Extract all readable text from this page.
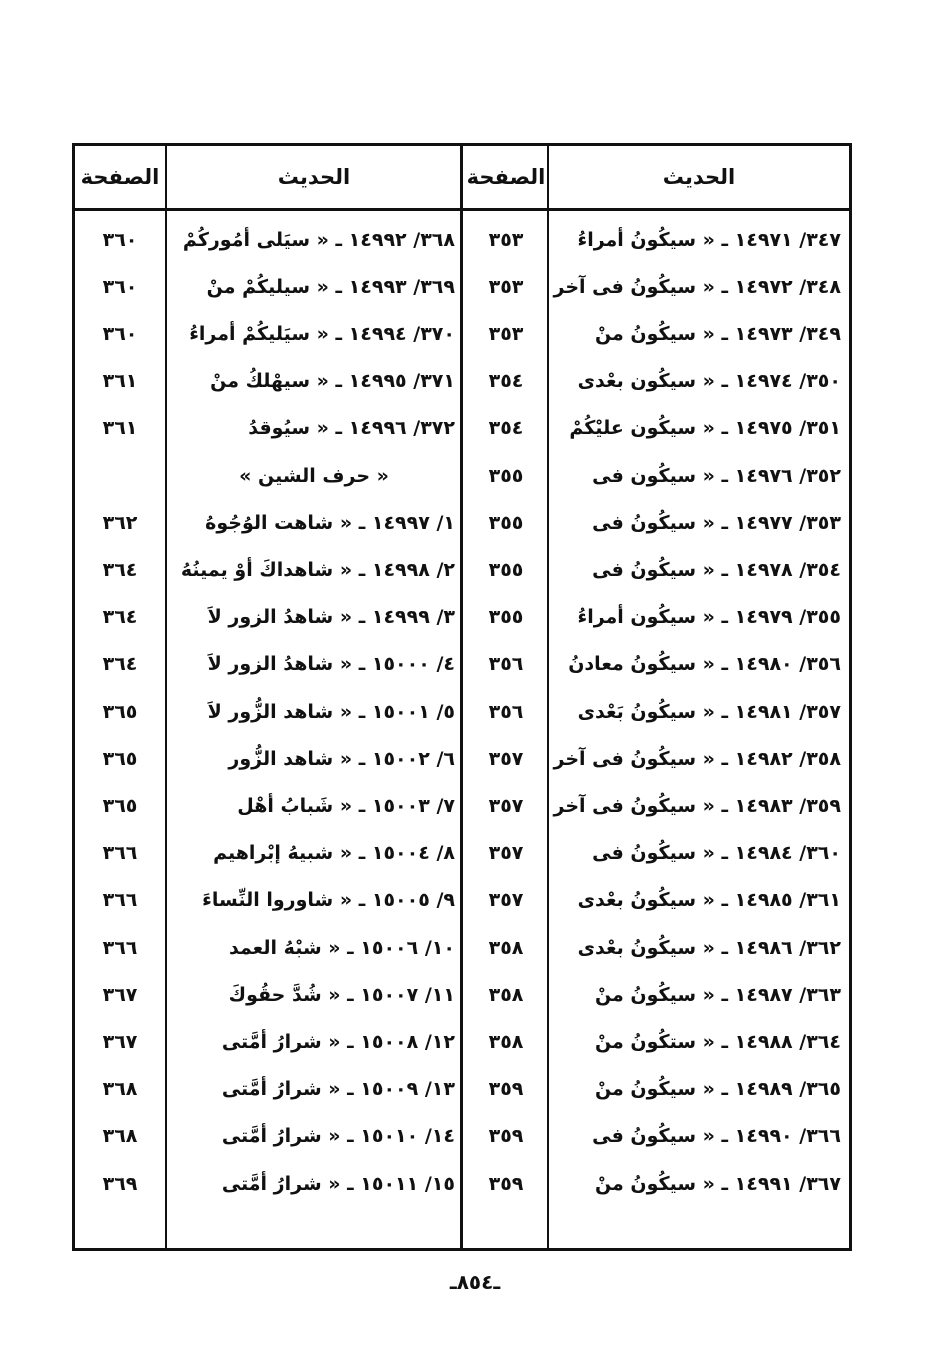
الحديث
الصفحة
الحديث
الصفحة
٣٤٧/ ١٤٩٧١ ـ « سيكُونُ أمراءُ
٣٥٣
٣٤٨/ ١٤٩٧٢ ـ « سيكُونُ فى آخر
٣٥٣
٣٤٩/ ١٤٩٧٣ ـ « سيكُونُ منْ
٣٥٣
٣٥٠/ ١٤٩٧٤ ـ « سيكُون بعْدى
٣٥٤
٣٥١/ ١٤٩٧٥ ـ « سيكُون عليْكُمْ
٣٥٤
٣٥٢/ ١٤٩٧٦ ـ « سيكُون فى
٣٥٥
٣٥٣/ ١٤٩٧٧ ـ « سيكُونُ فى
٣٥٥
٣٥٤/ ١٤٩٧٨ ـ « سيكُونُ فى
٣٥٥
٣٥٥/ ١٤٩٧٩ ـ « سيكُون أمراءُ
٣٥٥
٣٥٦/ ١٤٩٨٠ ـ « سيكُونُ معادنُ
٣٥٦
٣٥٧/ ١٤٩٨١ ـ « سيكُونُ بَعْدى
٣٥٦
٣٥٨/ ١٤٩٨٢ ـ « سيكُونُ فى آخر
٣٥٧
٣٥٩/ ١٤٩٨٣ ـ « سيكُونُ فى آخر
٣٥٧
٣٦٠/ ١٤٩٨٤ ـ « سيكُونُ فى
٣٥٧
٣٦١/ ١٤٩٨٥ ـ « سيكُونُ بعْدى
٣٥٧
٣٦٢/ ١٤٩٨٦ ـ « سيكُونُ بعْدى
٣٥٨
٣٦٣/ ١٤٩٨٧ ـ « سيكُونُ منْ
٣٥٨
٣٦٤/ ١٤٩٨٨ ـ « ستكُونُ منْ
٣٥٨
٣٦٥/ ١٤٩٨٩ ـ « سيكُونُ منْ
٣٥٩
٣٦٦/ ١٤٩٩٠ ـ « سيكُونُ فى
٣٥٩
٣٦٧/ ١٤٩٩١ ـ « سيكُونُ منْ
٣٥٩
٣٦٨/ ١٤٩٩٢ ـ « سيَلى أمُوركُمْ
٣٦٠
٣٦٩/ ١٤٩٩٣ ـ « سيليكُمْ منْ
٣٦٠
٣٧٠/ ١٤٩٩٤ ـ « سيَليكُمْ أمراءُ
٣٦٠
٣٧١/ ١٤٩٩٥ ـ « سيهْلكُ منْ
٣٦١
٣٧٢/ ١٤٩٩٦ ـ « سيُوقدُ
٣٦١
« حرف الشين »
١/ ١٤٩٩٧ ـ « شاهت الوُجُوهُ
٣٦٢
٢/ ١٤٩٩٨ ـ « شاهداكَ أوْ يمينُهُ
٣٦٤
٣/ ١٤٩٩٩ ـ « شاهدُ الزور لاَ
٣٦٤
٤/ ١٥٠٠٠ ـ « شاهدُ الزور لاَ
٣٦٤
٥/ ١٥٠٠١ ـ « شاهد الزُّور لاَ
٣٦٥
٦/ ١٥٠٠٢ ـ « شاهد الزُّور
٣٦٥
٧/ ١٥٠٠٣ ـ « شَبابُ أهْل
٣٦٥
٨/ ١٥٠٠٤ ـ « شبيهُ إبْراهيم
٣٦٦
٩/ ١٥٠٠٥ ـ « شاوروا النِّساءَ
٣٦٦
١٠/ ١٥٠٠٦ ـ « شبْهُ العمد
٣٦٦
١١/ ١٥٠٠٧ ـ « شُدَّ حقُوكَ
٣٦٧
١٢/ ١٥٠٠٨ ـ « شرارُ أمَّتى
٣٦٧
١٣/ ١٥٠٠٩ ـ « شرارُ أمَّتى
٣٦٨
١٤/ ١٥٠١٠ ـ « شرارُ أمَّتى
٣٦٨
١٥/ ١٥٠١١ ـ « شرارُ أمَّتى
٣٦٩
ـ٨٥٤ـ
